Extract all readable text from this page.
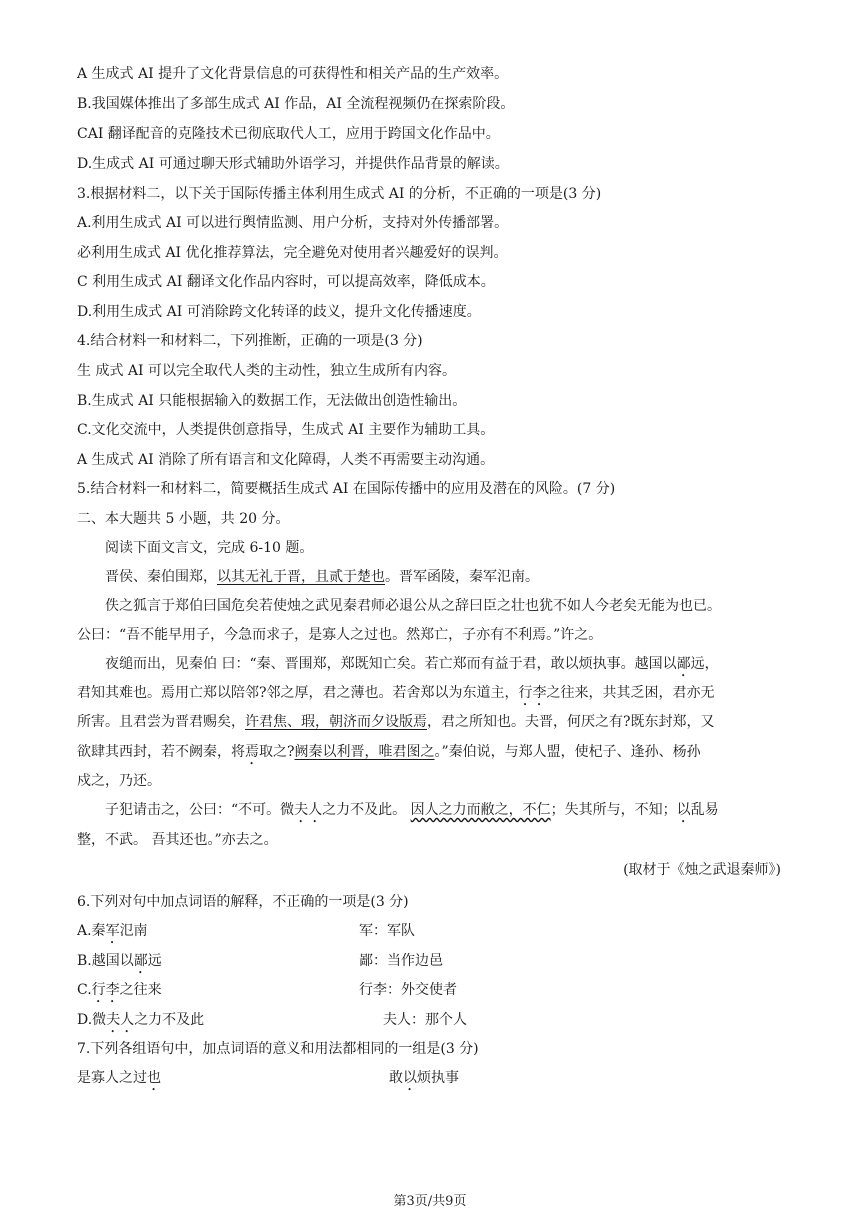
A 生成式 AI 提升了文化背景信息的可获得性和相关产品的生产效率。
B.我国媒体推出了多部生成式 AI 作品，AI 全流程视频仍在探索阶段。
CAI 翻译配音的克隆技术已彻底取代人工，应用于跨国文化作品中。
D.生成式 AI 可通过聊天形式辅助外语学习，并提供作品背景的解读。
3.根据材料二，以下关于国际传播主体利用生成式 AI 的分析，不正确的一项是(3 分)
A.利用生成式 AI 可以进行舆情监测、用户分析，支持对外传播部署。
必利用生成式 AI 优化推荐算法，完全避免对使用者兴趣爱好的误判。
C 利用生成式 AI 翻译文化作品内容时，可以提高效率，降低成本。
D.利用生成式 AI 可消除跨文化转译的歧义，提升文化传播速度。
4.结合材料一和材料二，下列推断，正确的一项是(3 分)
生 成式 AI 可以完全取代人类的主动性，独立生成所有内容。
B.生成式 AI 只能根据输入的数据工作，无法做出创造性输出。
C.文化交流中，人类提供创意指导，生成式 AI 主要作为辅助工具。
A 生成式 AI 消除了所有语言和文化障碍，人类不再需要主动沟通。
5.结合材料一和材料二，简要概括生成式 AI 在国际传播中的应用及潜在的风险。(7 分)
二、本大题共 5 小题，共 20 分。
阅读下面文言文，完成 6-10 题。
晋侯、秦伯围郑，以其无礼于晋，且贰于楚也。晋军函陵，秦军氾南。
佚之狐言于郑伯曰国危矣若使烛之武见秦君师必退公从之辞曰臣之壮也犹不如人今老矣无能为也已。
公曰：“吾不能早用子，今急而求子，是寡人之过也。然郑亡，子亦有不利焉。”许之。
夜缒而出，见秦伯 曰：“秦、晋围郑，郑既知亡矣。若亡郑而有益于君，敢以烦执事。越国以鄙远，
君知其难也。焉用亡郑以陪邻?邻之厚，君之薄也。若舍郑以为东道主，行李之往来，共其乏困，君亦无
所害。且君尝为晋君赐矣，许君焦、瑕，朝济而夕设版焉，君之所知也。夫晋，何厌之有?既东封郑，又
欲肆其西封，若不阙秦，将焉取之?阙秦以利晋，唯君图之。”秦伯说，与郑人盟，使杞子、逢孙、杨孙
戍之，乃还。
子犯请击之，公曰：“不可。微夫人之力不及此。 因人之力而敝之，不仁；失其所与，不知；以乱易
整，不武。 吾其还也。”亦去之。
(取材于《烛之武退秦师》)
6.下列对句中加点词语的解释，不正确的一项是(3 分)
A.秦军氾南	军：军队
B.越国以鄙远	鄙：当作边邑
C.行李之往来	行李：外交使者
D.微夫人之力不及此	夫人：那个人
7.下列各组语句中，加点词语的意义和用法都相同的一组是(3 分)
是寡人之过也	敢以烦执事
第3页/共9页
